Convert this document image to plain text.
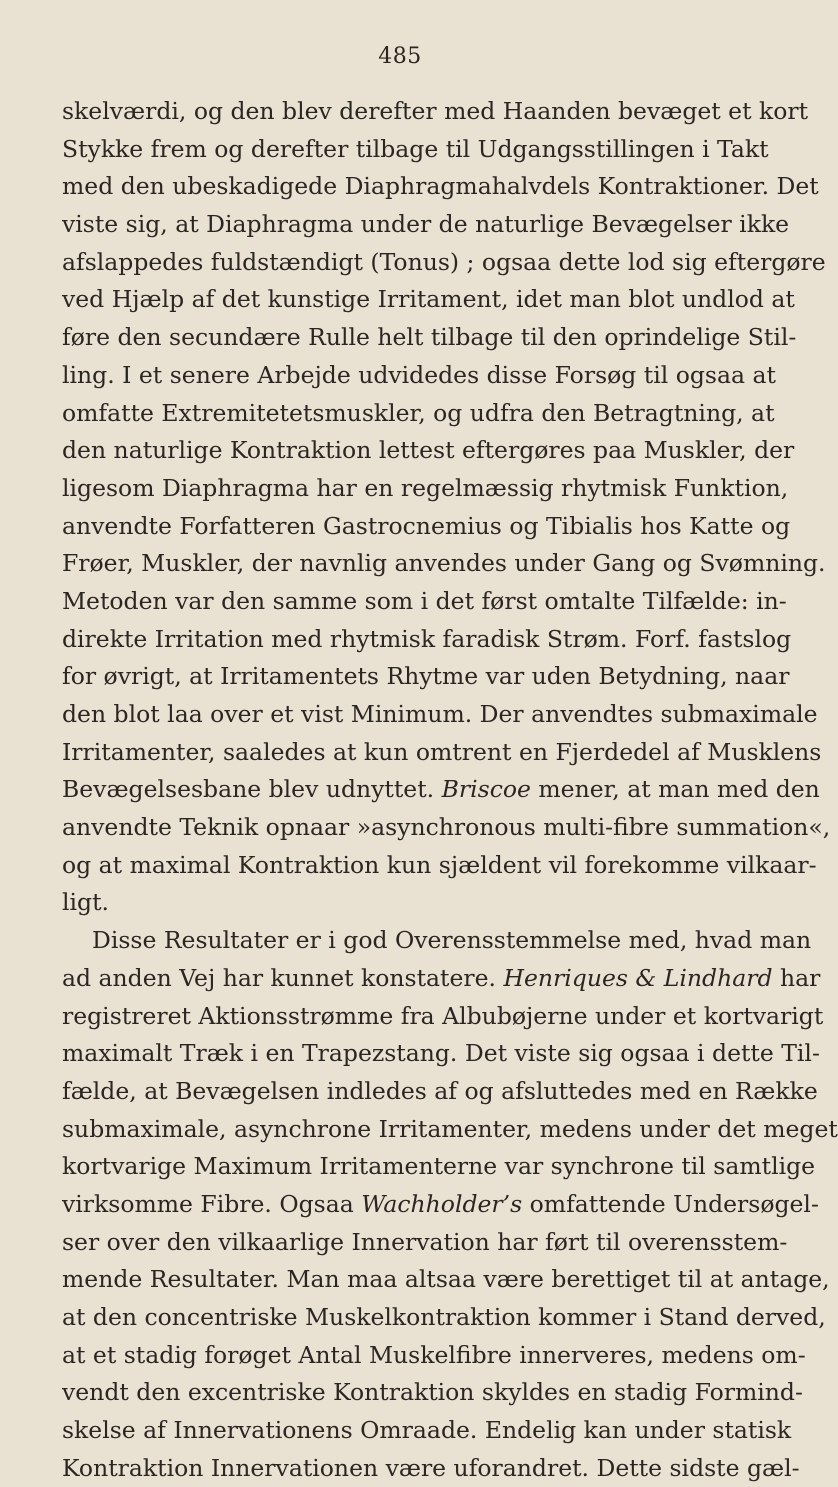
485
skelværdi, og den blev derefter med Haanden bevæget et kort
Stykke frem og derefter tilbage til Udgangsstillingen i Takt
med den ubeskadigede Diaphragmahalvdels Kontraktioner. Det
viste sig, at Diaphragma under de naturlige Bevægelser ikke
afslappedes fuldstændigt (Tonus) ; ogsaa dette lod sig eftergøre
ved Hjælp af det kunstige Irritament, idet man blot undlod at
føre den secundære Rulle helt tilbage til den oprindelige Stil-
ling. I et senere Arbejde udvidedes disse Forsøg til ogsaa at
omfatte Extremitetetsmuskler, og udfra den Betragtning, at
den naturlige Kontraktion lettest eftergøres paa Muskler, der
ligesom Diaphragma har en regelmæssig rhytmisk Funktion,
anvendte Forfatteren Gastrocnemius og Tibialis hos Katte og
Frøer, Muskler, der navnlig anvendes under Gang og Svømning.
Metoden var den samme som i det først omtalte Tilfælde: in-
direkte Irritation med rhytmisk faradisk Strøm. Forf. fastslog
for øvrigt, at Irritamentets Rhytme var uden Betydning, naar
den blot laa over et vist Minimum. Der anvendtes submaximale
Irritamenter, saaledes at kun omtrent en Fjerdedel af Musklens
Bevægelsesbane blev udnyttet. Briscoe mener, at man med den
anvendte Teknik opnaar »asynchronous multi-fibre summation«,
og at maximal Kontraktion kun sjældent vil forekomme vilkaar-
ligt.
Disse Resultater er i god Overensstemmelse med, hvad man
ad anden Vej har kunnet konstatere. Henriques & Lindhard har
registreret Aktionsstrømme fra Albubøjerne under et kortvarigt
maximalt Træk i en Trapezstang. Det viste sig ogsaa i dette Til-
fælde, at Bevægelsen indledes af og afsluttedes med en Række
submaximale, asynchrone Irritamenter, medens under det meget
kortvarige Maximum Irritamenterne var synchrone til samtlige
virksomme Fibre. Ogsaa Wachholder’s omfattende Undersøgel-
ser over den vilkaarlige Innervation har ført til overensstem-
mende Resultater. Man maa altsaa være berettiget til at antage,
at den concentriske Muskelkontraktion kommer i Stand derved,
at et stadig forøget Antal Muskelfibre innerveres, medens om-
vendt den excentriske Kontraktion skyldes en stadig Formind-
skelse af Innervationens Omraade. Endelig kan under statisk
Kontraktion Innervationen være uforandret. Dette sidste gæl-
